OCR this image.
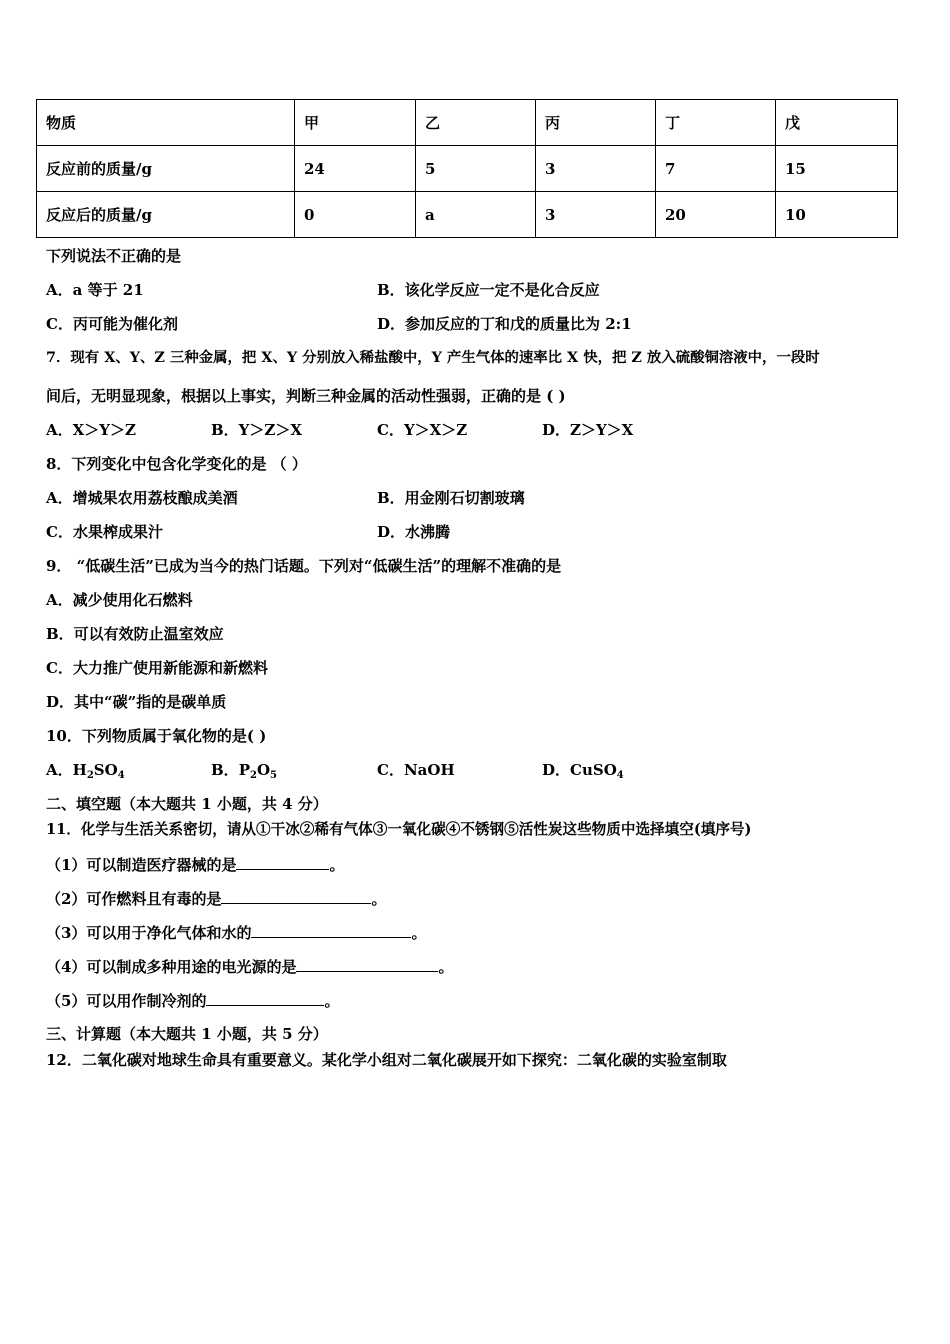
物质	甲	乙	丙	丁	戊
反应前的质量/g	24	5	3	7	15
反应后的质量/g	0	a	3	20	10
下列说法不正确的是
A．a 等于 21	B．该化学反应一定不是化合反应
C．丙可能为催化剂	D．参加反应的丁和戊的质量比为 2:1
7．现有 X、Y、Z 三种金属，把 X、Y 分别放入稀盐酸中，Y 产生气体的速率比 X 快，把 Z 放入硫酸铜溶液中，一段时
间后，无明显现象，根据以上事实，判断三种金属的活动性强弱，正确的是 ( )
A．X＞Y＞Z	B．Y＞Z＞X	C．Y＞X＞Z	D．Z＞Y＞X
8．下列变化中包含化学变化的是 （ ）
A．增城果农用荔枝酿成美酒	B．用金刚石切割玻璃
C．水果榨成果汁	D．水沸腾
9． “低碳生活”已成为当今的热门话题。下列对“低碳生活”的理解不准确的是
A．减少使用化石燃料
B．可以有效防止温室效应
C．大力推广使用新能源和新燃料
D．其中“碳”指的是碳单质
10．下列物质属于氧化物的是( )
A．$H_2SO_4$	B．$P_2O_5$	C．NaOH	D．CuSO$_4$
二、填空题（本大题共 1 小题，共 4 分）
11．化学与生活关系密切，请从①干冰②稀有气体③一氧化碳④不锈钢⑤活性炭这些物质中选择填空(填序号)
（1）可以制造医疗器械的是	。
（2）可作燃料且有毒的是	。
（3）可以用于净化气体和水的	。
（4）可以制成多种用途的电光源的是	。
（5）可以用作制冷剂的	。
三、计算题（本大题共 1 小题，共 5 分）
12．二氧化碳对地球生命具有重要意义。某化学小组对二氧化碳展开如下探究：二氧化碳的实验室制取
